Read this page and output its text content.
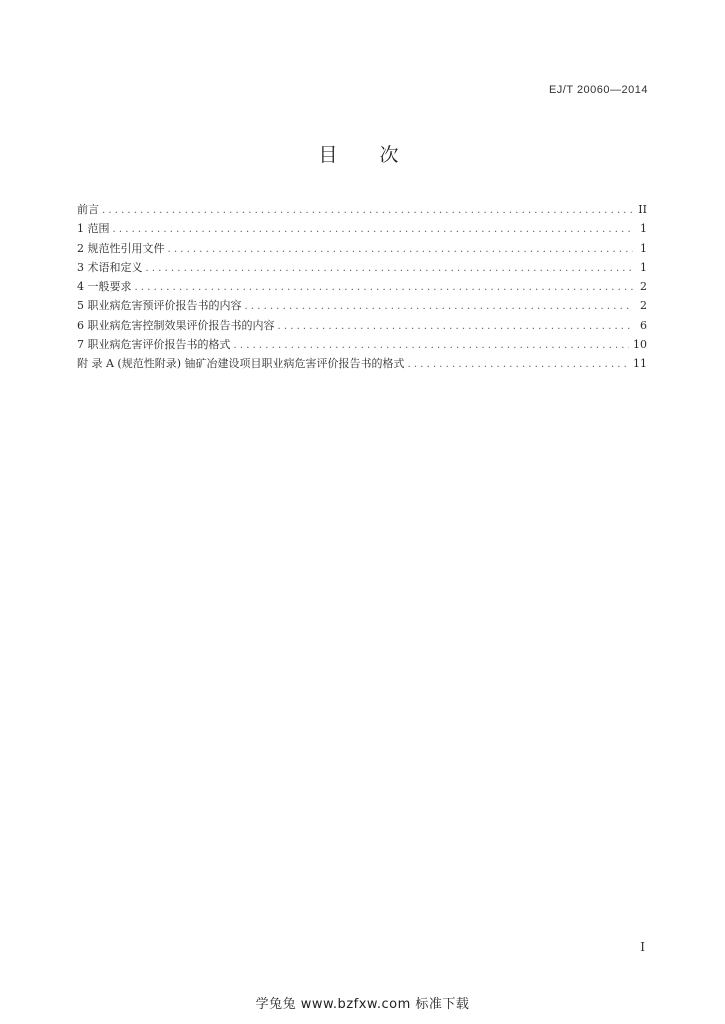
EJ/T 20060—2014
目 次
前言 . . .	II
1 范围 . . .	1
2 规范性引用文件 . . .	1
3 术语和定义 . . .	1
4 一般要求 . . .	2
5 职业病危害预评价报告书的内容 . . .	2
6 职业病危害控制效果评价报告书的内容 . . .	6
7 职业病危害评价报告书的格式 . . .	10
附 录 A (规范性附录) 铀矿冶建设项目职业病危害评价报告书的格式 . . .	11
I
学兔兔 www.bzfxw.com 标准下载
